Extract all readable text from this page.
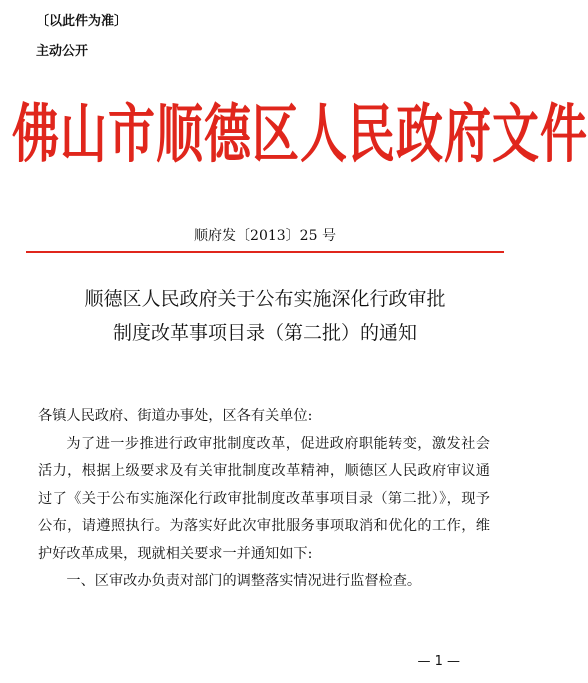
〔以此件为准〕
主动公开
佛山市顺德区人民政府文件
顺府发〔2013〕25 号
顺德区人民政府关于公布实施深化行政审批
制度改革事项目录（第二批）的通知

各镇人民政府、街道办事处，区各有关单位:

为了进一步推进行政审批制度改革，促进政府职能转变，激发社会活力，根据上级要求及有关审批制度改革精神，顺德区人民政府审议通过了《关于公布实施深化行政审批制度改革事项目录（第二批）》，现予公布，请遵照执行。为落实好此次审批服务事项取消和优化的工作，维护好改革成果，现就相关要求一并通知如下:

一、区审改办负责对部门的调整落实情况进行监督检查。

— 1 —
